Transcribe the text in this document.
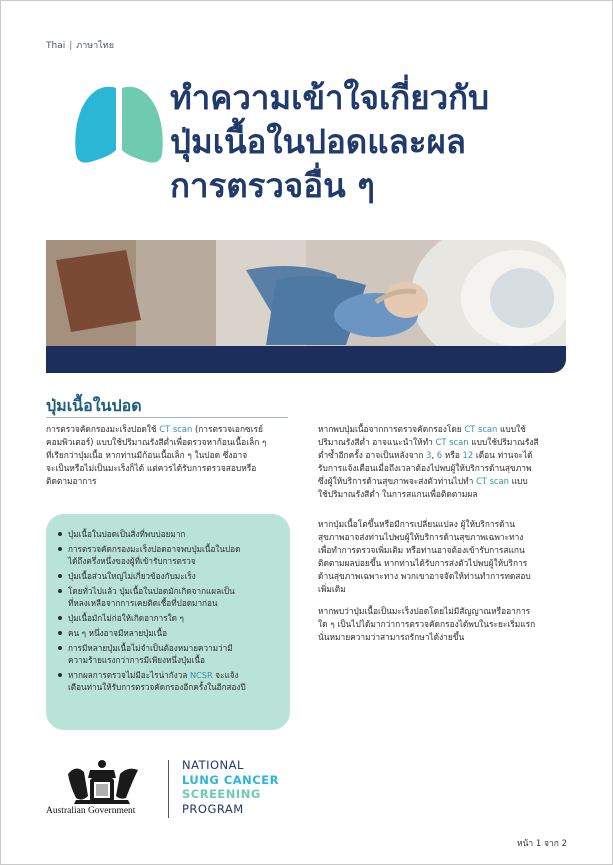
Thai | ภาษาไทย
ทำความเข้าใจเกี่ยวกับ
ปุ่มเนื้อในปอดและผล
การตรวจอื่น ๆ
ปุ่มเนื้อในปอด
การตรวจคัดกรองมะเร็งปอดใช้ CT scan (การตรวจเอกซเรย์
คอมพิวเตอร์) แบบใช้ปริมาณรังสีต่ำเพื่อตรวจหาก้อนเนื้อเล็ก ๆ
ที่เรียกว่าปุ่มเนื้อ หากท่านมีก้อนเนื้อเล็ก ๆ ในปอด ซึ่งอาจ
จะเป็นหรือไม่เป็นมะเร็งก็ได้ แต่ควรได้รับการตรวจสอบหรือ
ติดตามอาการ
ปุ่มเนื้อในปอดเป็นสิ่งที่พบบ่อยมาก
การตรวจคัดกรองมะเร็งปอดอาจพบปุ่มเนื้อในปอด
ได้ถึงครึ่งหนึ่งของผู้ที่เข้ารับการตรวจ
ปุ่มเนื้อส่วนใหญ่ไม่เกี่ยวข้องกับมะเร็ง
โดยทั่วไปแล้ว ปุ่มเนื้อในปอดมักเกิดจากแผลเป็น
ที่หลงเหลือจากการเคยติดเชื้อที่ปอดมาก่อน
ปุ่มเนื้อมักไม่ก่อให้เกิดอาการใด ๆ
คน ๆ หนึ่งอาจมีหลายปุ่มเนื้อ
การมีหลายปุ่มเนื้อไม่จำเป็นต้องหมายความว่ามี
ความร้ายแรงกว่าการมีเพียงหนึ่งปุ่มเนื้อ
หากผลการตรวจไม่มีอะไรน่ากังวล NCSR จะแจ้ง
เตือนท่านให้รับการตรวจคัดกรองอีกครั้งในอีกสองปี
หากพบปุ่มเนื้อจากการตรวจคัดกรองโดย CT scan แบบใช้
ปริมาณรังสีต่ำ อาจแนะนำให้ทำ CT scan แบบใช้ปริมาณรังสี
ต่ำซ้ำอีกครั้ง อาจเป็นหลังจาก 3, 6 หรือ 12 เดือน ท่านจะได้
รับการแจ้งเตือนเมื่อถึงเวลาต้องไปพบผู้ให้บริการด้านสุขภาพ
ซึ่งผู้ให้บริการด้านสุขภาพจะส่งตัวท่านไปทำ CT scan แบบ
ใช้ปริมาณรังสีต่ำ ในการสแกนเพื่อติดตามผล
หากปุ่มเนื้อโตขึ้นหรือมีการเปลี่ยนแปลง ผู้ให้บริการด้าน
สุขภาพอาจส่งท่านไปพบผู้ให้บริการด้านสุขภาพเฉพาะทาง
เพื่อทำการตรวจเพิ่มเติม หรือท่านอาจต้องเข้ารับการสแกน
ติดตามผลบ่อยขึ้น หากท่านได้รับการส่งตัวไปพบผู้ให้บริการ
ด้านสุขภาพเฉพาะทาง พวกเขาอาจจัดให้ท่านทำการทดสอบ
เพิ่มเติม
หากพบว่าปุ่มเนื้อเป็นมะเร็งปอดโดยไม่มีสัญญาณหรืออาการ
ใด ๆ เป็นไปได้มากว่าการตรวจคัดกรองได้พบในระยะเริ่มแรก
นั่นหมายความว่าสามารถรักษาได้ง่ายขึ้น
Australian Government
NATIONAL
LUNG CANCER
SCREENING
PROGRAM
หน้า 1 จาก 2
